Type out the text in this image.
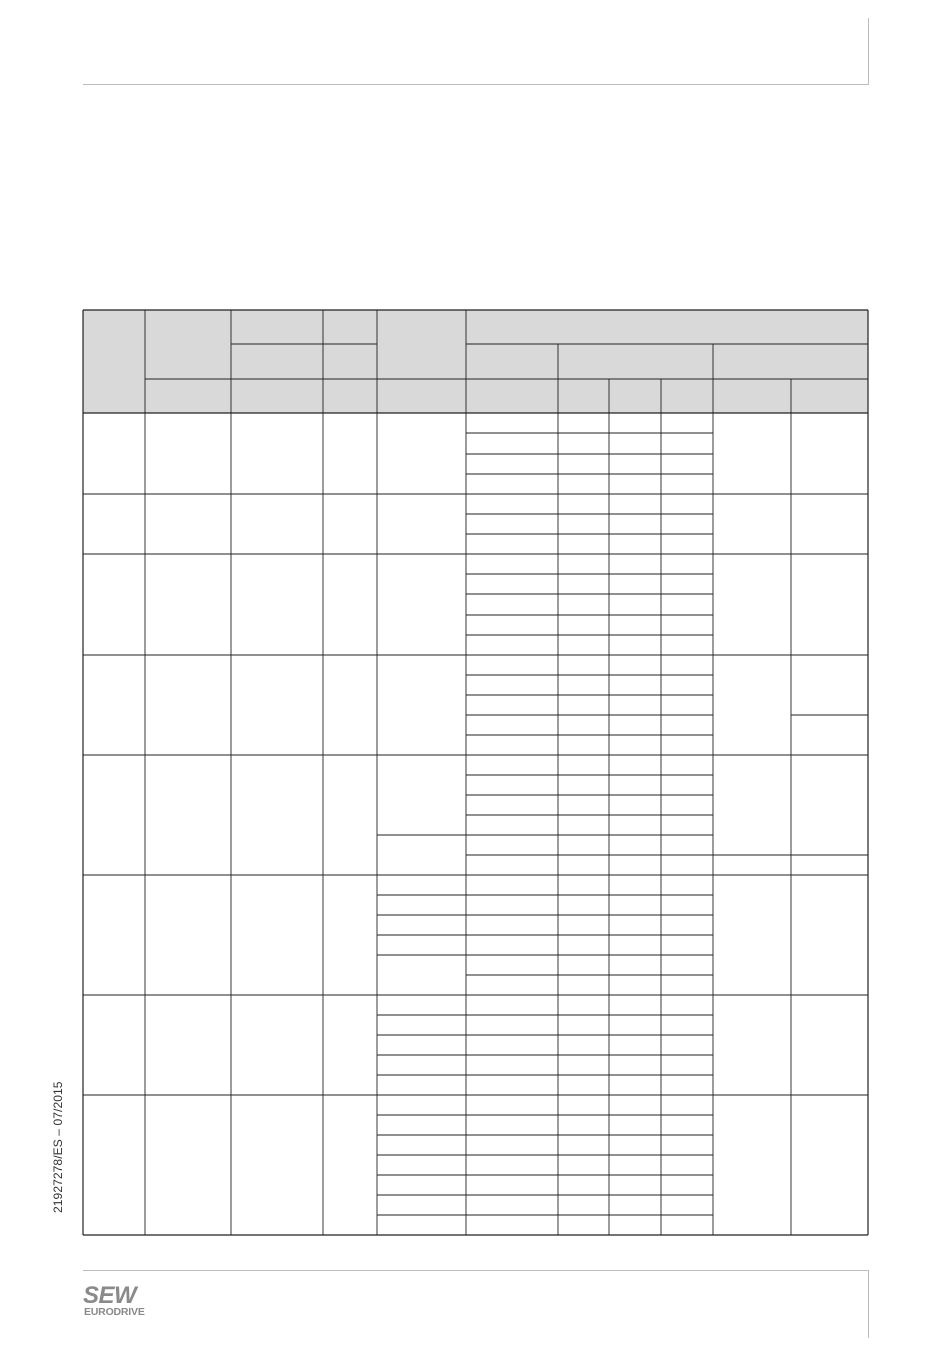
21927278/ES – 07/2015
SEW
EURODRIVE
